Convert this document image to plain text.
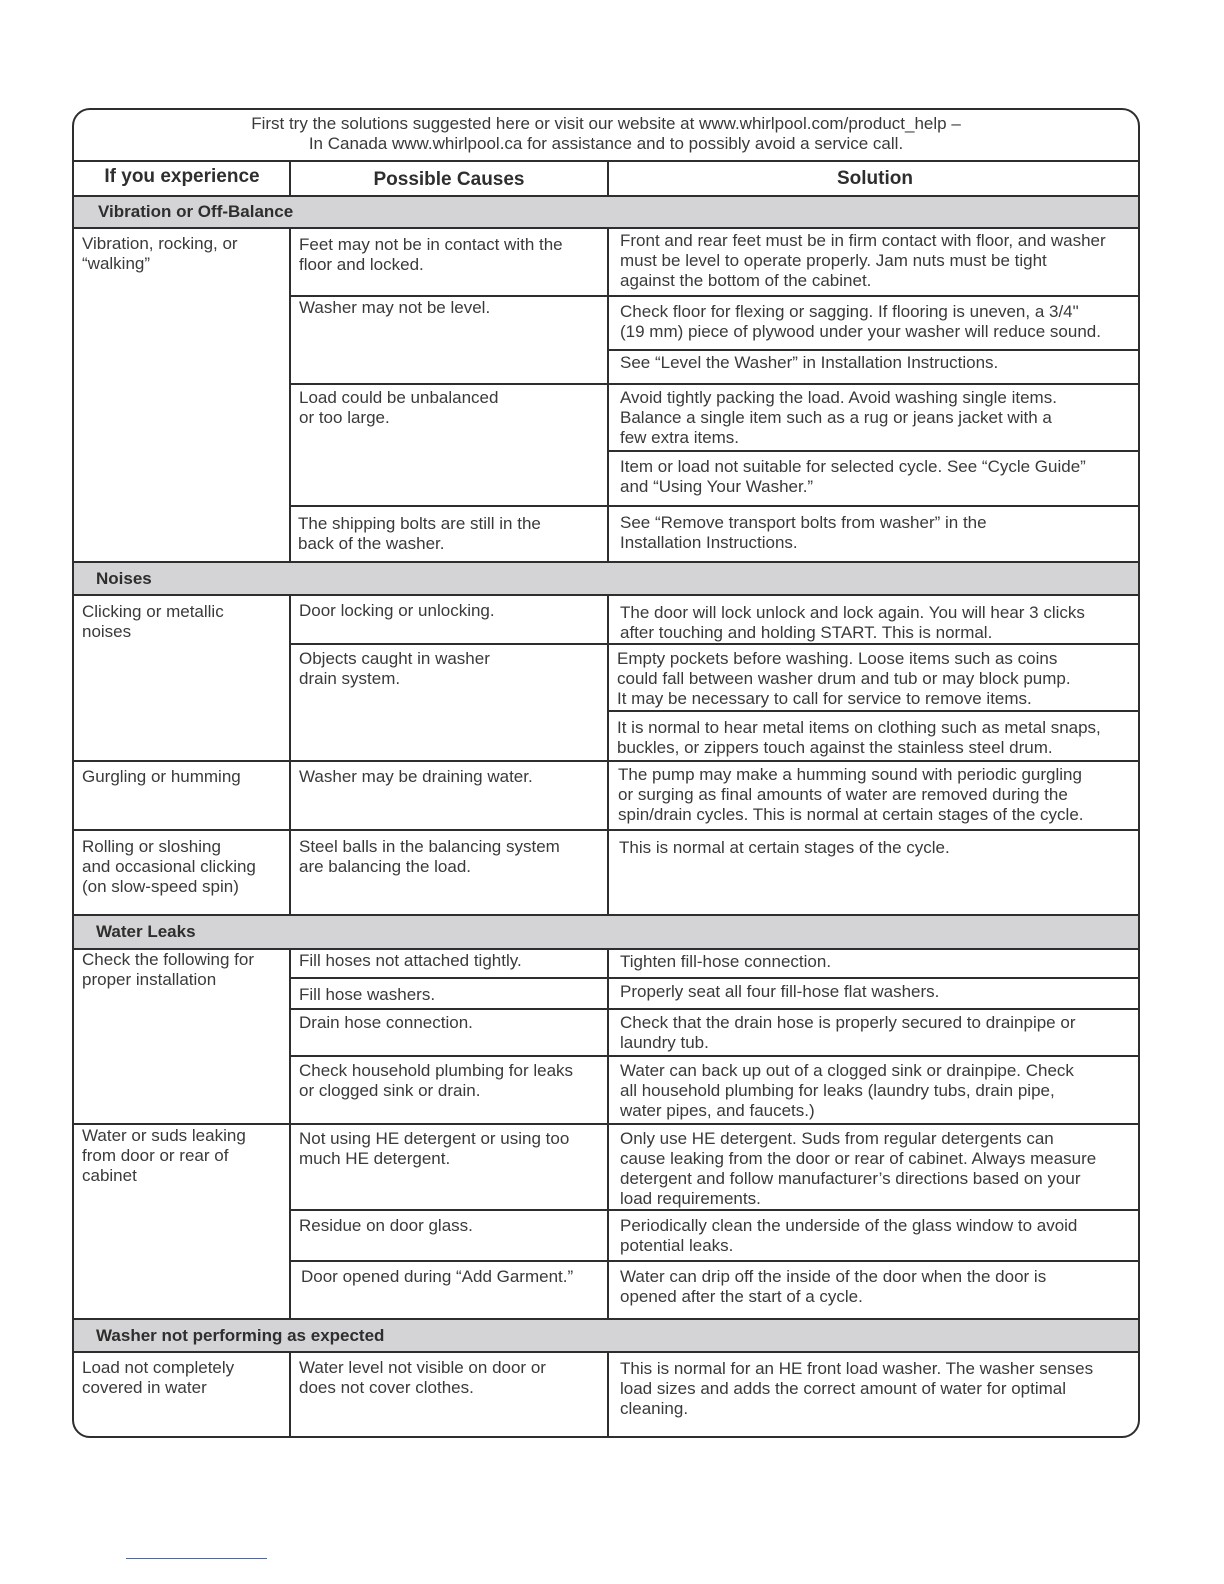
First try the solutions suggested here or visit our website at www.whirlpool.com/product_help –
In Canada www.whirlpool.ca for assistance and to possibly avoid a service call.
If you experience	Possible Causes	Solution
Vibration or Off-Balance
Noises
Water Leaks
Washer not performing as expected
Vibration, rocking, or
“walking”
Clicking or metallic
noises
Gurgling or humming
Rolling or sloshing
and occasional clicking
(on slow-speed spin)
Check the following for
proper installation
Water or suds leaking
from door or rear of
cabinet
Load not completely
covered in water
Feet may not be in contact with the
floor and locked.
Washer may not be level.
Load could be unbalanced
or too large.
The shipping bolts are still in the
back of the washer.
Door locking or unlocking.
Objects caught in washer
drain system.
Washer may be draining water.
Steel balls in the balancing system
are balancing the load.
Fill hoses not attached tightly.
Fill hose washers.
Drain hose connection.
Check household plumbing for leaks
or clogged sink or drain.
Not using HE detergent or using too
much HE detergent.
Residue on door glass.
Door opened during “Add Garment.”
Water level not visible on door or
does not cover clothes.
Front and rear feet must be in firm contact with floor, and washer
must be level to operate properly. Jam nuts must be tight
against the bottom of the cabinet.
Check floor for flexing or sagging. If flooring is uneven, a 3/4"
(19 mm) piece of plywood under your washer will reduce sound.
See “Level the Washer” in Installation Instructions.
Avoid tightly packing the load. Avoid washing single items.
Balance a single item such as a rug or jeans jacket with a
few extra items.
Item or load not suitable for selected cycle. See “Cycle Guide”
and “Using Your Washer.”
See “Remove transport bolts from washer” in the
Installation Instructions.
The door will lock unlock and lock again. You will hear 3 clicks
after touching and holding START. This is normal.
Empty pockets before washing. Loose items such as coins
could fall between washer drum and tub or may block pump.
It may be necessary to call for service to remove items.
It is normal to hear metal items on clothing such as metal snaps,
buckles, or zippers touch against the stainless steel drum.
The pump may make a humming sound with periodic gurgling
or surging as final amounts of water are removed during the
spin/drain cycles. This is normal at certain stages of the cycle.
This is normal at certain stages of the cycle.
Tighten fill-hose connection.
Properly seat all four fill-hose flat washers.
Check that the drain hose is properly secured to drainpipe or
laundry tub.
Water can back up out of a clogged sink or drainpipe. Check
all household plumbing for leaks (laundry tubs, drain pipe,
water pipes, and faucets.)
Only use HE detergent. Suds from regular detergents can
cause leaking from the door or rear of cabinet. Always measure
detergent and follow manufacturer’s directions based on your
load requirements.
Periodically clean the underside of the glass window to avoid
potential leaks.
Water can drip off the inside of the door when the door is
opened after the start of a cycle.
This is normal for an HE front load washer. The washer senses
load sizes and adds the correct amount of water for optimal
cleaning.
